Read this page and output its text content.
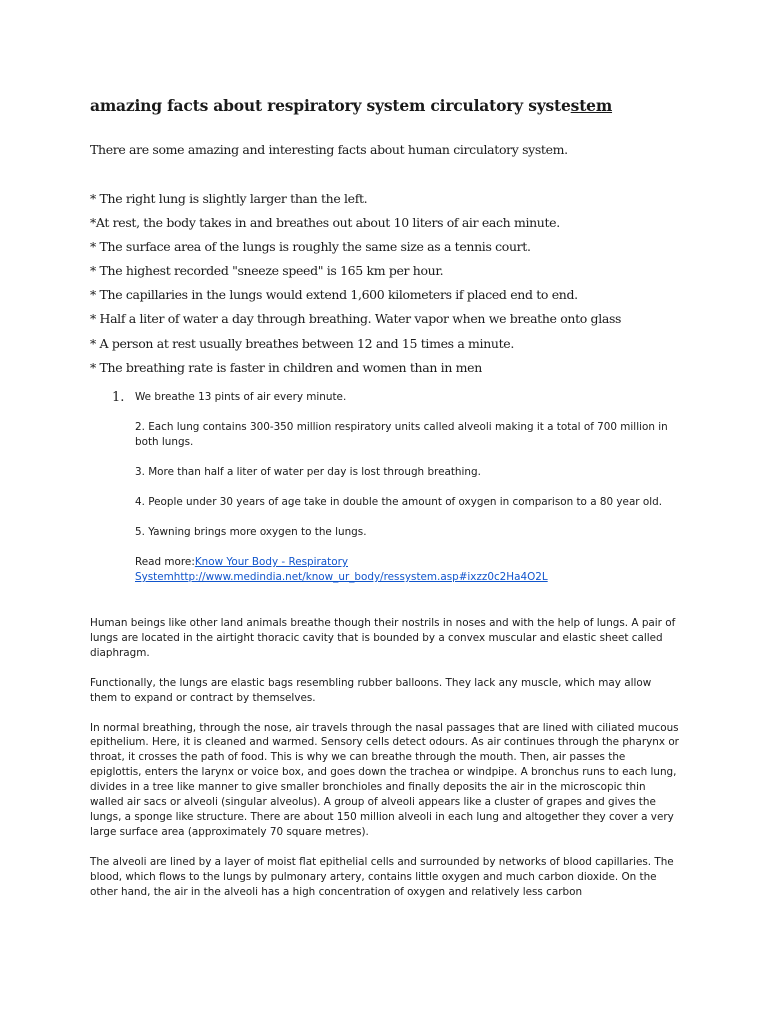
amazing facts about respiratory system circulatory systestem
There are some amazing and interesting facts about human circulatory system.
* The right lung is slightly larger than the left.
*At rest, the body takes in and breathes out about 10 liters of air each minute.
* The surface area of the lungs is roughly the same size as a tennis court.
* The highest recorded "sneeze speed" is 165 km per hour.
* The capillaries in the lungs would extend 1,600 kilometers if placed end to end.
* Half a liter of water a day through breathing. Water vapor when we breathe onto glass
* A person at rest usually breathes between 12 and 15 times a minute.
* The breathing rate is faster in children and women than in men
1. We breathe 13 pints of air every minute.

2. Each lung contains 300-350 million respiratory units called alveoli making it a total of 700 million in both lungs.

3. More than half a liter of water per day is lost through breathing.

4. People under 30 years of age take in double the amount of oxygen in comparison to a 80 year old.

5. Yawning brings more oxygen to the lungs.

Read more:Know Your Body - Respiratory Systemhttp://www.medindia.net/know_ur_body/ressystem.asp#ixzz0c2Ha4O2L

Human beings like other land animals breathe though their nostrils in noses and with the help of lungs. A pair of lungs are located in the airtight thoracic cavity that is bounded by a convex muscular and elastic sheet called diaphragm.

Functionally, the lungs are elastic bags resembling rubber balloons. They lack any muscle, which may allow them to expand or contract by themselves.

In normal breathing, through the nose, air travels through the nasal passages that are lined with ciliated mucous epithelium. Here, it is cleaned and warmed. Sensory cells detect odours. As air continues through the pharynx or throat, it crosses the path of food. This is why we can breathe through the mouth. Then, air passes the epiglottis, enters the larynx or voice box, and goes down the trachea or windpipe. A bronchus runs to each lung, divides in a tree like manner to give smaller bronchioles and finally deposits the air in the microscopic thin walled air sacs or alveoli (singular alveolus). A group of alveoli appears like a cluster of grapes and gives the lungs, a sponge like structure. There are about 150 million alveoli in each lung and altogether they cover a very large surface area (approximately 70 square metres).

The alveoli are lined by a layer of moist flat epithelial cells and surrounded by networks of blood capillaries. The blood, which flows to the lungs by pulmonary artery, contains little oxygen and much carbon dioxide. On the other hand, the air in the alveoli has a high concentration of oxygen and relatively less carbon
